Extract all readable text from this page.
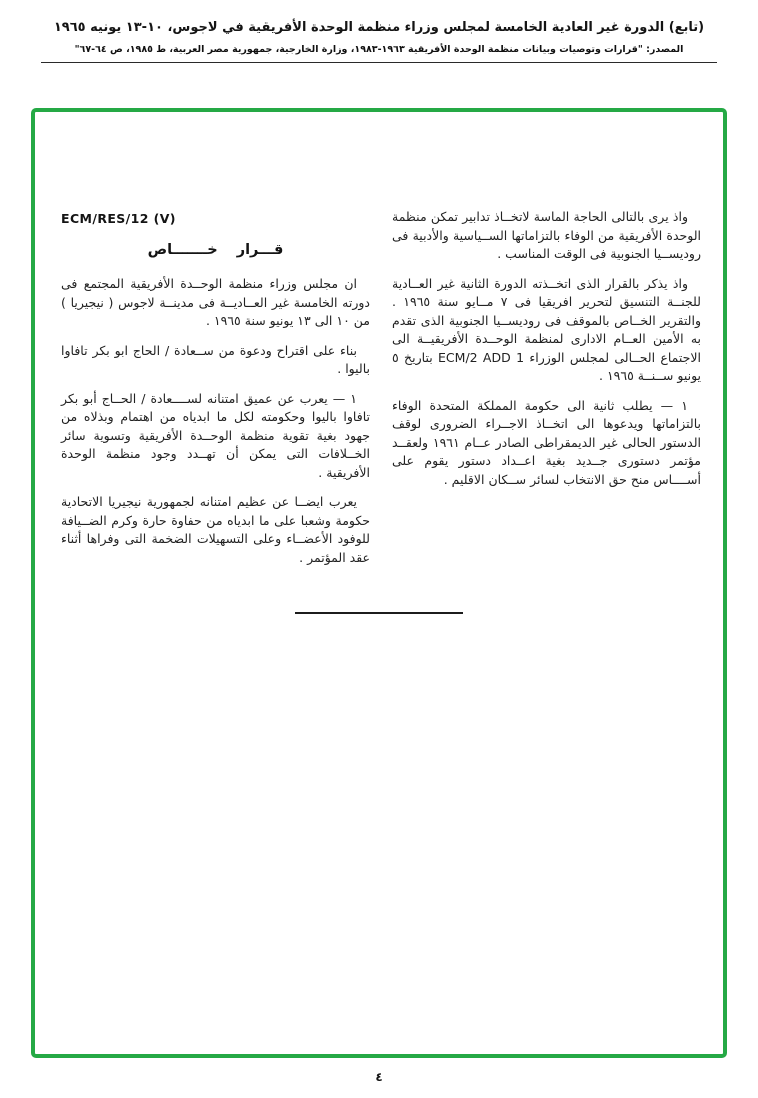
(تابع) الدورة غير العادية الخامسة لمجلس وزراء منظمة الوحدة الأفريقية في لاجوس، ١٠-١٣ يونيه ١٩٦٥
المصدر: "قرارات وتوصيات وبيانات منظمة الوحدة الأفريقية ١٩٦٣-١٩٨٣، وزارة الخارجية، جمهورية مصر العربية، ط ١٩٨٥، ص ٦٤-٦٧"

واذ يرى بالتالى الحاجة الماسة لاتخــاذ تدابير تمكن منظمة الوحدة الأفريقية من الوفاء بالتزاماتها الســياسية والأدبية فى روديســيا الجنوبية فى الوقت المناسب .

واذ يذكر بالقرار الذى اتخــذته الدورة الثانية غير العــادية للجنــة التنسيق لتحرير افريقيا فى ٧ مــايو سنة ١٩٦٥ . والتقرير الخــاص بالموقف فى روديســيا الجنوبية الذى تقدم به الأمين العــام الادارى لمنظمة الوحــدة الأفريقيــة الى الاجتماع الحــالى لمجلس الوزراء ECM/2 ADD 1 بتاريخ ٥ يونيو ســنــة ١٩٦٥ .

١ — يطلب ثانية الى حكومة المملكة المتحدة الوفاء بالتزاماتها ويدعوها الى اتخــاذ الاجــراء الضرورى لوقف الدستور الحالى غير الديمقراطى الصادر عــام ١٩٦١ ولعقــد مؤتمر دستورى جــديد بغية اعــداد دستور يقوم على أســــاس منح حق الانتخاب لسائر ســكان الاقليم .

ECM/RES/12 (V)
قـــرار خـــــــاص

ان مجلس وزراء منظمة الوحــدة الأفريقية المجتمع فى دورته الخامسة غير العــاديــة فى مدينــة لاجوس ( نيجيريا ) من ١٠ الى ١٣ يونيو سنة ١٩٦٥ .

بناء على اقتراح ودعوة من ســعادة / الحاج ابو بكر تافاوا باليوا .

١ — يعرب عن عميق امتنانه لســــعادة / الحــاج أبو بكر تافاوا باليوا وحكومته لكل ما ابدياه من اهتمام وبذلاه من جهود بغية تقوية منظمة الوحــدة الأفريقية وتسوية سائر الخــلافات التى يمكن أن تهــدد وجود منظمة الوحدة الأفريقية .

يعرب ايضــا عن عظيم امتنانه لجمهورية نيجيريا الاتحادية حكومة وشعبا على ما ابدياه من حفاوة حارة وكرم الضــيافة للوفود الأعضــاء وعلى التسهيلات الضخمة التى وفراها أثناء عقد المؤتمر .

٤
